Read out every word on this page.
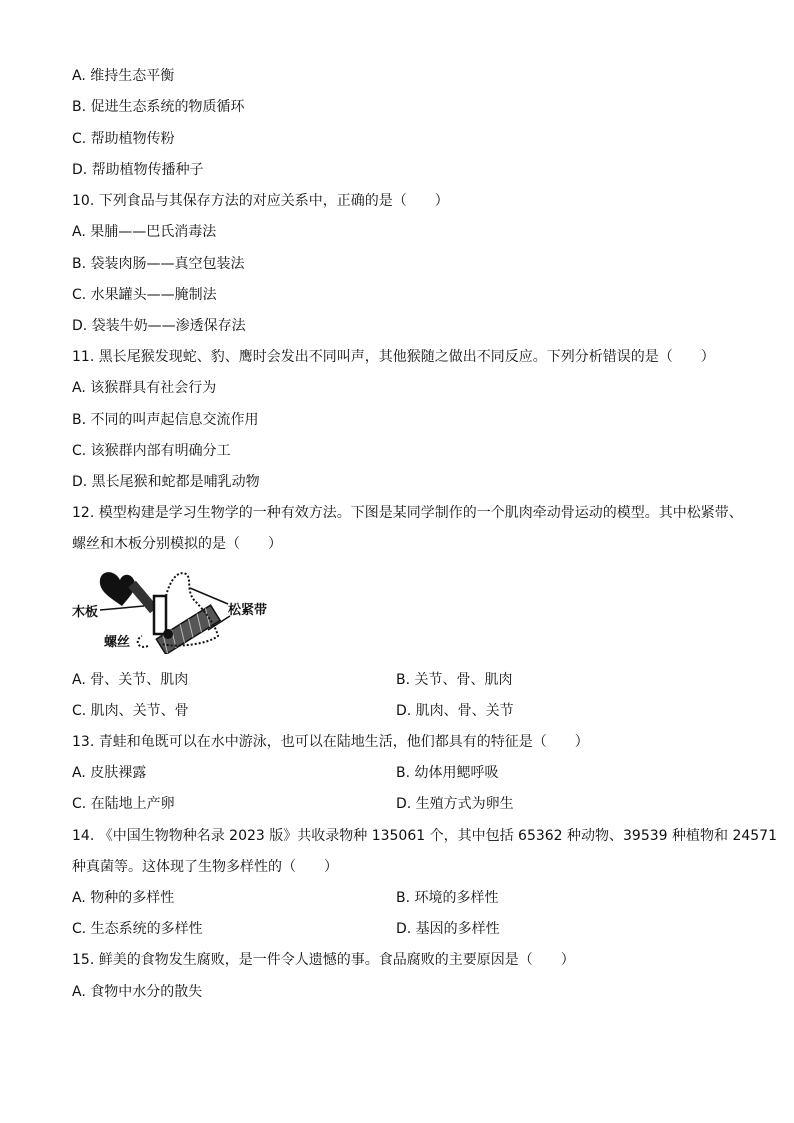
A. 维持生态平衡
B. 促进生态系统的物质循环
C. 帮助植物传粉
D. 帮助植物传播种子
10. 下列食品与其保存方法的对应关系中，正确的是（　　）
A. 果脯——巴氏消毒法
B. 袋装肉肠——真空包装法
C. 水果罐头——腌制法
D. 袋装牛奶——渗透保存法
11. 黑长尾猴发现蛇、豹、鹰时会发出不同叫声，其他猴随之做出不同反应。下列分析错误的是（　　）
A. 该猴群具有社会行为
B. 不同的叫声起信息交流作用
C. 该猴群内部有明确分工
D. 黑长尾猴和蛇都是哺乳动物
12. 模型构建是学习生物学的一种有效方法。下图是某同学制作的一个肌肉牵动骨运动的模型。其中松紧带、
螺丝和木板分别模拟的是（　　）
木板
螺丝
松紧带
A. 骨、关节、肌肉	B. 关节、骨、肌肉
C. 肌肉、关节、骨	D. 肌肉、骨、关节
13. 青蛙和龟既可以在水中游泳，也可以在陆地生活，他们都具有的特征是（　　）
A. 皮肤裸露	B. 幼体用鳃呼吸
C. 在陆地上产卵	D. 生殖方式为卵生
14. 《中国生物物种名录 2023 版》共收录物种 135061 个，其中包括 65362 种动物、39539 种植物和 24571
种真菌等。这体现了生物多样性的（　　）
A. 物种的多样性	B. 环境的多样性
C. 生态系统的多样性	D. 基因的多样性
15. 鲜美的食物发生腐败，是一件令人遗憾的事。食品腐败的主要原因是（　　）
A. 食物中水分的散失
